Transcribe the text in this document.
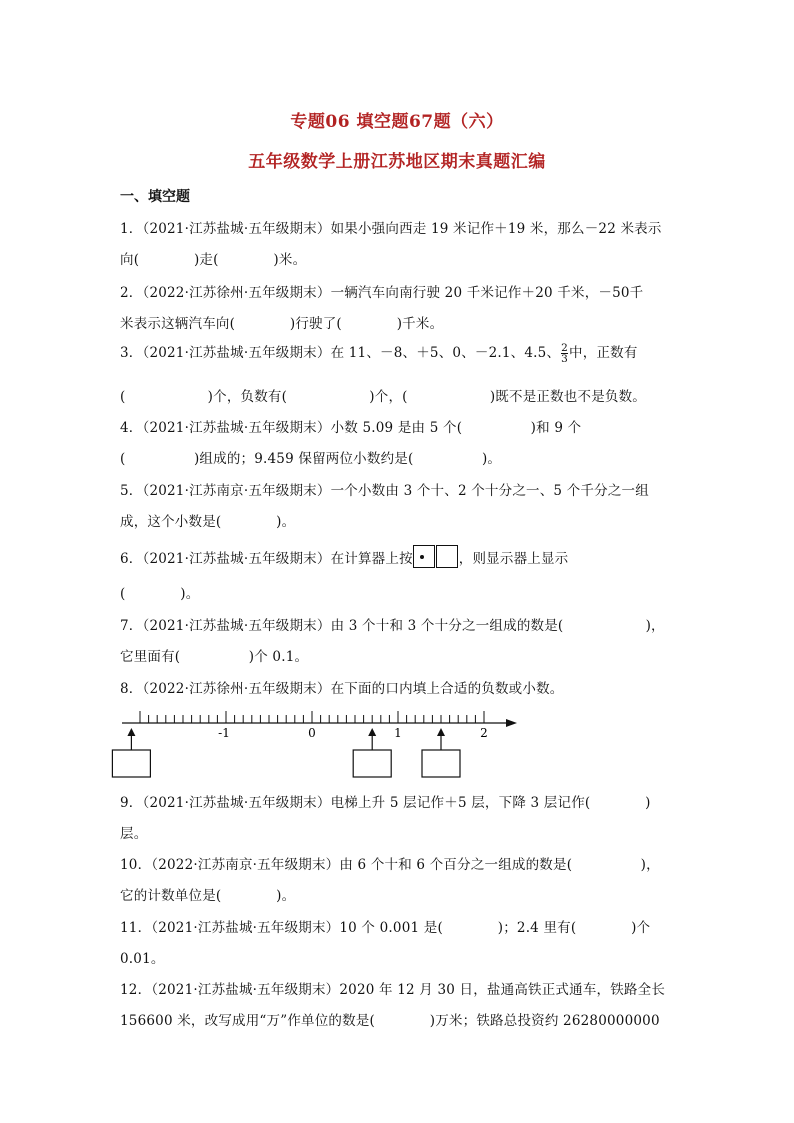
专题06 填空题67题（六）
五年级数学上册江苏地区期末真题汇编
一、填空题
1．（2021·江苏盐城·五年级期末）如果小强向西走 19 米记作＋19 米，那么－22 米表示
向(　　　　)走(　　　　)米。
2．（2022·江苏徐州·五年级期末）一辆汽车向南行驶 20 千米记作＋20 千米，－50千
米表示这辆汽车向(　　　　)行驶了(　　　　)千米。
3．（2021·江苏盐城·五年级期末）在 11、－8、＋5、0、－2.1、4.5、 $\frac{2}{3}$ 中，正数有
(　　　　　　)个，负数有(　　　　　　)个，(　　　　　　)既不是正数也不是负数。
4．（2021·江苏盐城·五年级期末）小数 5.09 是由 5 个(　　　　　)和 9 个
(　　　　　)组成的；9.459 保留两位小数约是(　　　　　)。
5．（2021·江苏南京·五年级期末）一个小数由 3 个十、2 个十分之一、5 个千分之一组
成，这个小数是(　　　　)。
6．（2021·江苏盐城·五年级期末）在计算器上按	，则显示器上显示
(　　　　)。
7．（2021·江苏盐城·五年级期末）由 3 个十和 3 个十分之一组成的数是(　　　　　　)，
它里面有(　　　　　)个 0.1。
8．（2022·江苏徐州·五年级期末）在下面的口内填上合适的负数或小数。
-1	0	1	2
9．（2021·江苏盐城·五年级期末）电梯上升 5 层记作＋5 层，下降 3 层记作(　　　　)
层。
10．（2022·江苏南京·五年级期末）由 6 个十和 6 个百分之一组成的数是(　　　　　)，
它的计数单位是(　　　　)。
11．（2021·江苏盐城·五年级期末）10 个 0.001 是(　　　　)；2.4 里有(　　　　)个
0.01。
12．（2021·江苏盐城·五年级期末）2020 年 12 月 30 日，盐通高铁正式通车，铁路全长
156600 米，改写成用“万”作单位的数是(　　　　)万米；铁路总投资约 26280000000
